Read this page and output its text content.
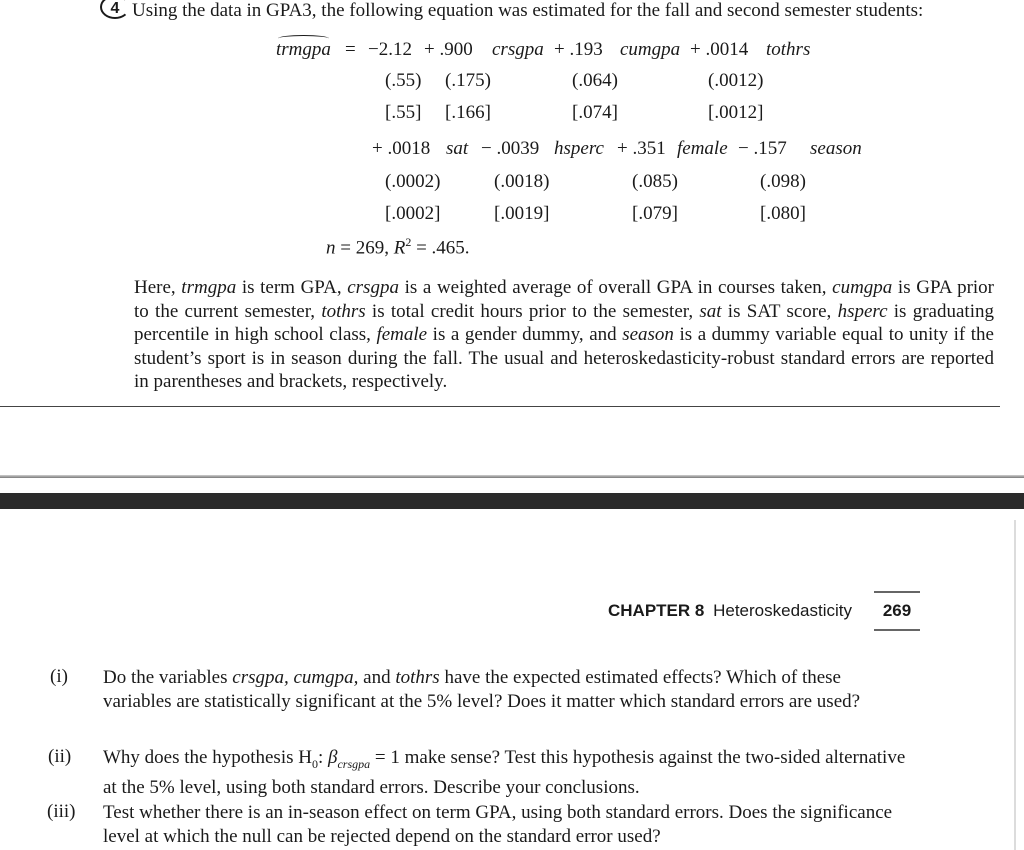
4 Using the data in GPA3, the following equation was estimated for the fall and second semester students:
trmgpa = −2.12 + .900 crsgpa + .193 cumgpa + .0014 tothrs
(.55) (.175)	(.064)	(.0012)
[.55] [.166]	[.074]	[.0012]
+ .0018 sat − .0039 hsperc + .351 female − .157 season
(.0002)	(.0018)	(.085)	(.098)
[.0002]	[.0019]	[.079]	[.080]
n = 269, $R^2 = .465$.
Here, trmgpa is term GPA, crsgpa is a weighted average of overall GPA in courses taken, cumgpa is GPA prior to the current semester, tothrs is total credit hours prior to the semester, sat is SAT score, hsperc is graduating percentile in high school class, female is a gender dummy, and season is a dummy variable equal to unity if the student’s sport is in season during the fall. The usual and heteroskedasticity-robust standard errors are reported in parentheses and brackets, respectively.
CHAPTER 8 Heteroskedasticity	269
(i) Do the variables crsgpa, cumgpa, and tothrs have the expected estimated effects? Which of these variables are statistically significant at the 5% level? Does it matter which standard errors are used?
(ii) Why does the hypothesis $H_0$: $\beta_{crsgpa} = 1$ make sense? Test this hypothesis against the two-sided alternative at the 5% level, using both standard errors. Describe your conclusions.
(iii) Test whether there is an in-season effect on term GPA, using both standard errors. Does the significance level at which the null can be rejected depend on the standard error used?
